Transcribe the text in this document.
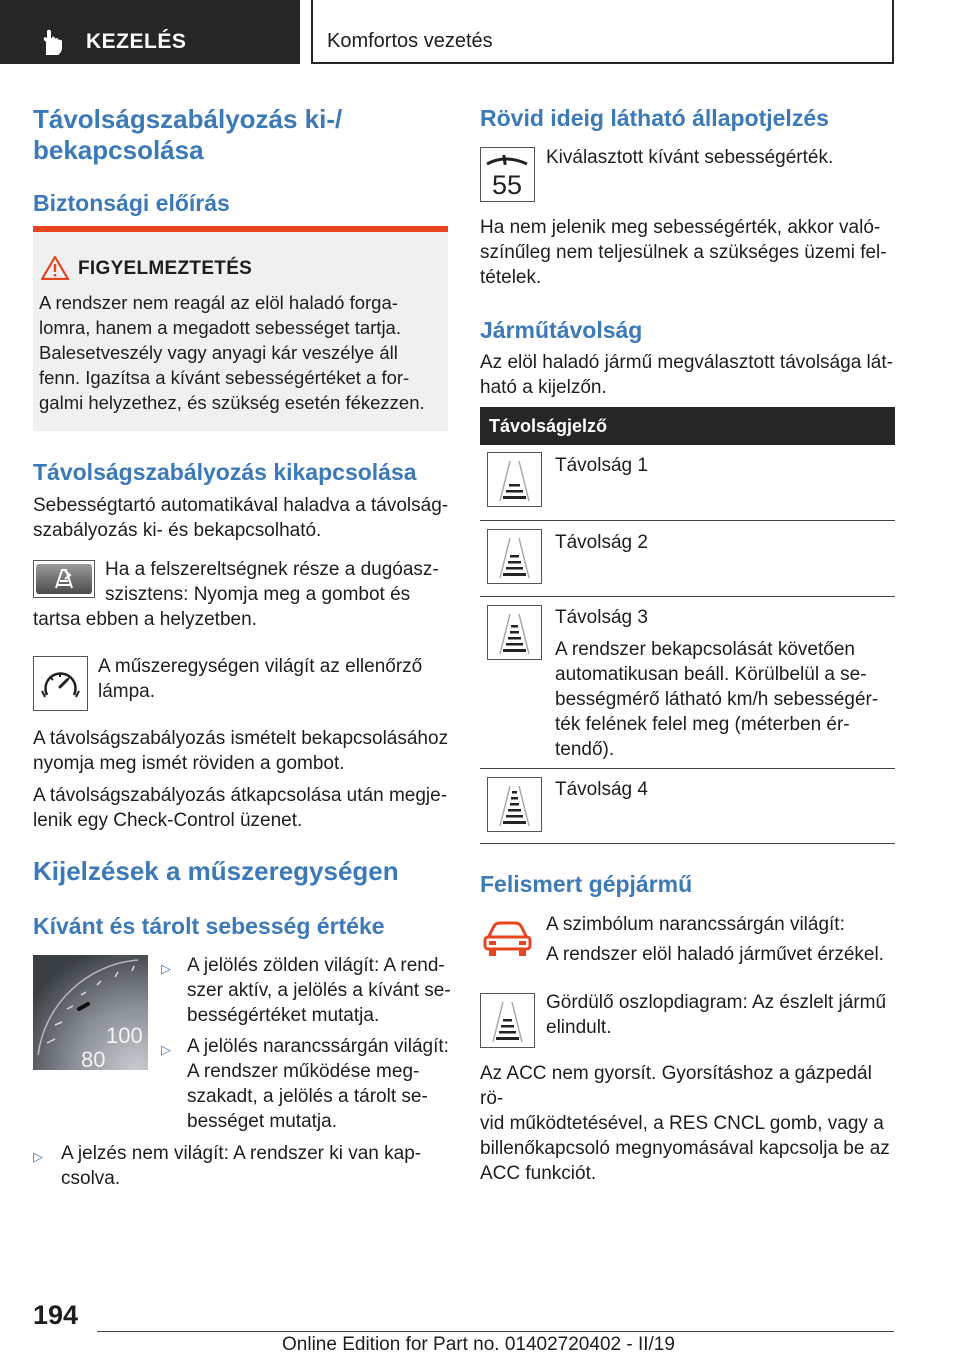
KEZELÉS	Komfortos vezetés
Távolságszabályozás ki-/
bekapcsolása
Biztonsági előírás
FIGYELMEZTETÉS
A rendszer nem reagál az elöl haladó forga-
lomra, hanem a megadott sebességet tartja.
Balesetveszély vagy anyagi kár veszélye áll
fenn. Igazítsa a kívánt sebességértéket a for-
galmi helyzethez, és szükség esetén fékezzen.
Távolságszabályozás kikapcsolása
Sebességtartó automatikával haladva a távolság-
szabályozás ki- és bekapcsolható.
Ha a felszereltségnek része a dugóasz-
szisztens: Nyomja meg a gombot és
tartsa ebben a helyzetben.
A műszeregységen világít az ellenőrző
lámpa.
A távolságszabályozás ismételt bekapcsolásához
nyomja meg ismét röviden a gombot.
A távolságszabályozás átkapcsolása után megje-
lenik egy Check-Control üzenet.
Kijelzések a műszeregységen
Kívánt és tárolt sebesség értéke
100
80
▷ A jelölés zölden világít: A rend-
szer aktív, a jelölés a kívánt se-
bességértéket mutatja.
▷ A jelölés narancssárgán világít:
A rendszer működése meg-
szakadt, a jelölés a tárolt se-
bességet mutatja.
▷ A jelzés nem világít: A rendszer ki van kap-
csolva.
Rövid ideig látható állapotjelzés
55
Kiválasztott kívánt sebességérték.
Ha nem jelenik meg sebességérték, akkor való-
színűleg nem teljesülnek a szükséges üzemi fel-
tételek.
Járműtávolság
Az elöl haladó jármű megválasztott távolsága lát-
ható a kijelzőn.
Távolságjelző
Távolság 1
Távolság 2
Távolság 3
A rendszer bekapcsolását követően
automatikusan beáll. Körülbelül a se-
bességmérő látható km/h sebességér-
ték felének felel meg (méterben ér-
tendő).
Távolság 4
Felismert gépjármű
A szimbólum narancssárgán világít:
A rendszer elöl haladó járművet érzékel.
Gördülő oszlopdiagram: Az észlelt jármű
elindult.
Az ACC nem gyorsít. Gyorsításhoz a gázpedál rö-
vid működtetésével, a RES CNCL gomb, vagy a
billenőkapcsoló megnyomásával kapcsolja be az
ACC funkciót.
194
Online Edition for Part no. 01402720402 - II/19
